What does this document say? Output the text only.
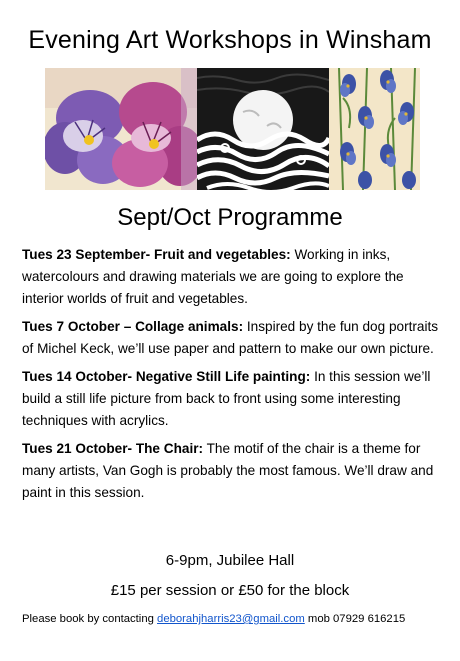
Evening Art Workshops in Winsham
Sept/Oct Programme

Tues 23 September- Fruit and vegetables: Working in inks, watercolours and drawing materials we are going to explore the interior worlds of fruit and vegetables.

Tues 7 October – Collage animals: Inspired by the fun dog portraits of Michel Keck, we’ll use paper and pattern to make our own picture.

Tues 14 October- Negative Still Life painting: In this session we’ll build a still life picture from back to front using some interesting techniques with acrylics.

Tues 21 October- The Chair: The motif of the chair is a theme for many artists, Van Gogh is probably the most famous. We’ll draw and paint in this session.

6-9pm, Jubilee Hall
£15 per session or £50 for the block
Please book by contacting deborahjharris23@gmail.com mob 07929 616215
